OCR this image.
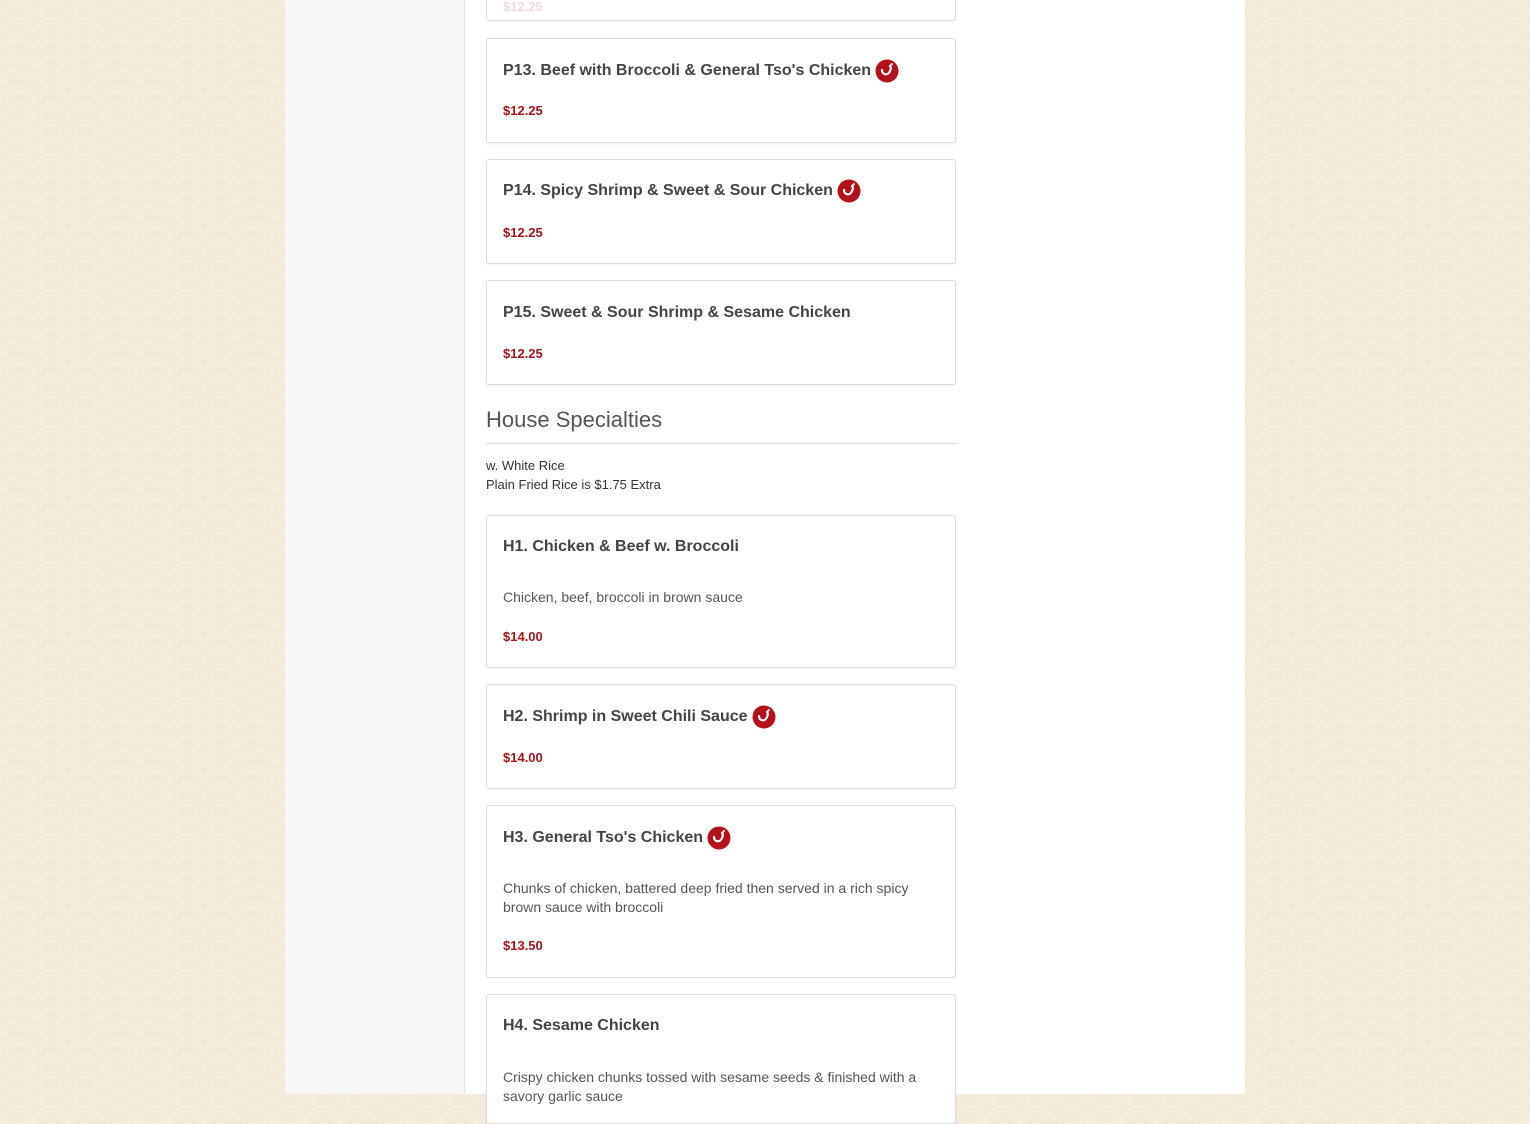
$12.25
P13. Beef with Broccoli & General Tso's Chicken
$12.25
P14. Spicy Shrimp & Sweet & Sour Chicken
$12.25
P15. Sweet & Sour Shrimp & Sesame Chicken
$12.25
House Specialties
w. White Rice
Plain Fried Rice is $1.75 Extra
H1. Chicken & Beef w. Broccoli
Chicken, beef, broccoli in brown sauce
$14.00
H2. Shrimp in Sweet Chili Sauce
$14.00
H3. General Tso's Chicken
Chunks of chicken, battered deep fried then served in a rich spicy brown sauce with broccoli
$13.50
H4. Sesame Chicken
Crispy chicken chunks tossed with sesame seeds & finished with a savory garlic sauce
